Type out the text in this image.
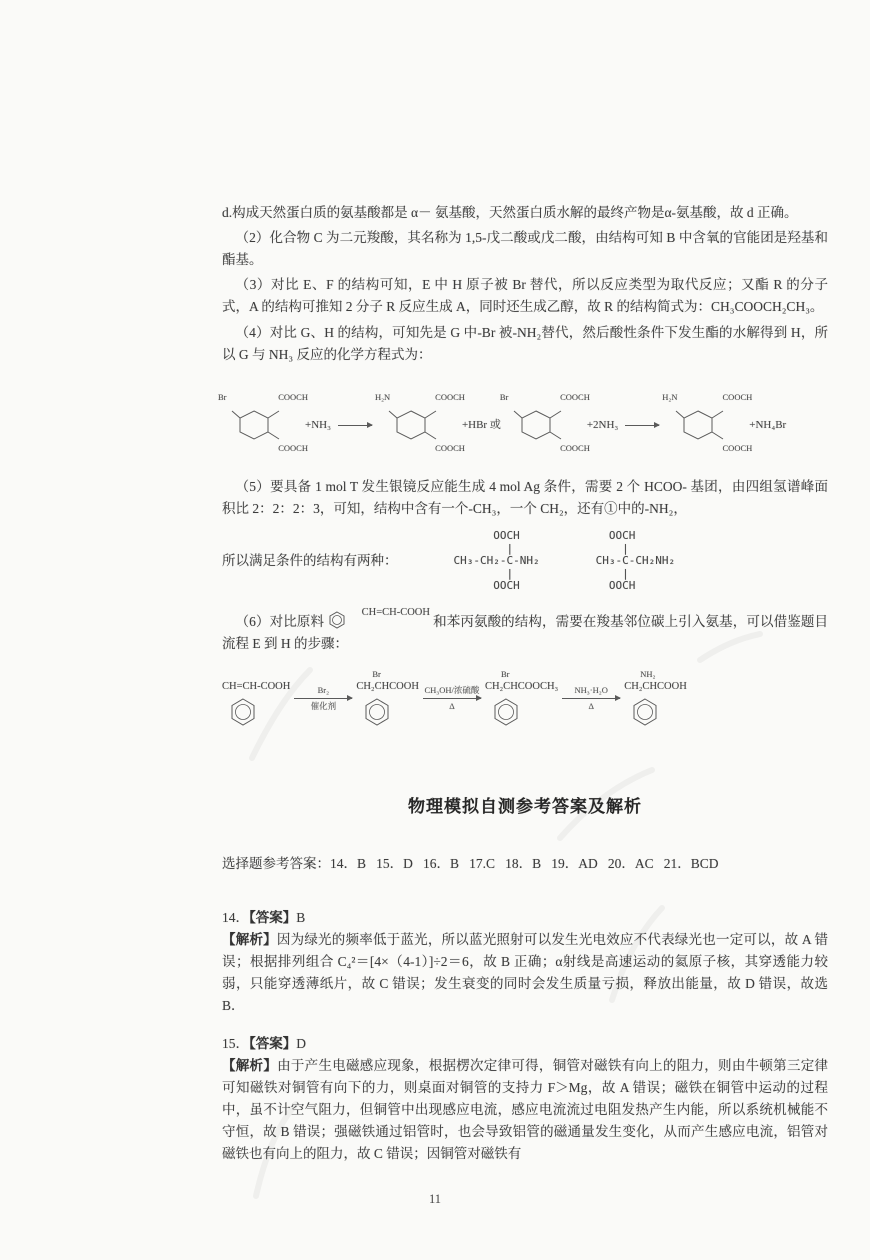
d.构成天然蛋白质的氨基酸都是 α－ 氨基酸，天然蛋白质水解的最终产物是α-氨基酸，故 d 正确。

（2）化合物 C 为二元羧酸，其名称为 1,5-戊二酸或戊二酸，由结构可知 B 中含氧的官能团是羟基和酯基。

（3）对比 E、F 的结构可知，E 中 H 原子被 Br 替代，所以反应类型为取代反应；又酯 R 的分子式，A 的结构可推知 2 分子 R 反应生成 A，同时还生成乙醇，故 R 的结构简式为：CH₃COOCH₂CH₃。

（4）对比 G、H 的结构，可知先是 G 中-Br 被-NH₂替代，然后酸性条件下发生酯的水解得到 H，所以 G 与 NH₃ 反应的化学方程式为：

Br	COOCH
COOCH
+NH₃ →
H₂N	COOCH
COOCH
+HBr 或
Br	COOCH
COOCH
+2NH₃ →
H₂N	COOCH
COOCH
+NH₄Br

（5）要具备 1 mol T 发生银镜反应能生成 4 mol Ag 条件，需要 2 个 HCOO- 基团，由四组氢谱峰面积比 2：2：2：3，可知，结构中含有一个-CH₃，一个 CH₂，还有①中的-NH₂，

所以满足条件的结构有两种：
OOCH
|
CH₃-CH₂-C-NH₂
|
OOCH
OOCH
|
CH₃-C-CH₂NH₂
|
OOCH

（6）对比原料
CH=CH-COOH
和苯丙氨酸的结构，需要在羧基邻位碳上引入氨基，可以借鉴题目流程 E 到 H 的步骤：

CH=CH-COOH	Br₂
催化剂
Br
CH₂CHCOOH CH₃OH/浓硫酸
Δ
Br
CH₂CHCOOCH₃ NH₃·H₂O
Δ
NH₂
CH₂CHCOOH
物理模拟自测参考答案及解析

选择题参考答案：14．B   15．D   16．B   17.C   18．B   19．AD   20．AC   21．BCD

14．【答案】B

【解析】因为绿光的频率低于蓝光，所以蓝光照射可以发生光电效应不代表绿光也一定可以，故 A 错误；根据排列组合 C₄²＝[4×（4-1）]÷2＝6，故 B 正确；α射线是高速运动的氦原子核，其穿透能力较弱，只能穿透薄纸片，故 C 错误；发生衰变的同时会发生质量亏损，释放出能量，故 D 错误，故选 B．

15．【答案】D

【解析】由于产生电磁感应现象，根据楞次定律可得，铜管对磁铁有向上的阻力，则由牛顿第三定律可知磁铁对铜管有向下的力，则桌面对铜管的支持力 F＞Mg，故 A 错误；磁铁在铜管中运动的过程中，虽不计空气阻力，但铜管中出现感应电流，感应电流流过电阻发热产生内能，所以系统机械能不守恒，故 B 错误；强磁铁通过铝管时，也会导致铝管的磁通量发生变化，从而产生感应电流，铝管对磁铁也有向上的阻力，故 C 错误；因铜管对磁铁有

11
